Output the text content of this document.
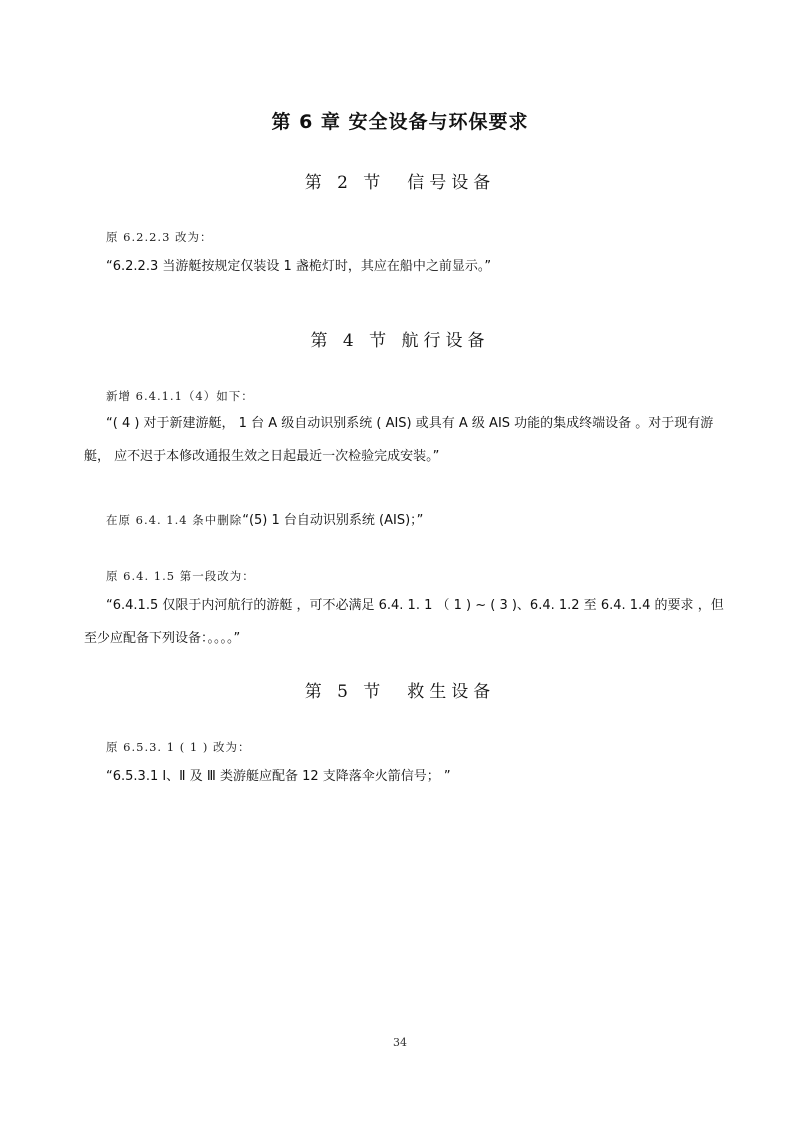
第 6 章 安全设备与环保要求
第 2 节　信号设备
原 6.2.2.3 改为：
“6.2.2.3 当游艇按规定仅装设 1 盏桅灯时，其应在船中之前显示。”
第 4 节 航行设备
新增 6.4.1.1（4）如下：
“( 4 ) 对于新建游艇， 1 台 A 级自动识别系统 ( AIS) 或具有 A 级 AIS 功能的集成终端设备 。对于现有游艇， 应不迟于本修改通报生效之日起最近一次检验完成安装。”
在原 6.4. 1.4 条中删除“(5) 1 台自动识别系统 (AIS)；”
原 6.4. 1.5 第一段改为：
“6.4.1.5 仅限于内河航行的游艇 ，可不必满足 6.4. 1. 1 （ 1 ) ~ ( 3 )、6.4. 1.2 至 6.4. 1.4 的要求 ，但至少应配备下列设备：。。。。”
第 5 节　救生设备
原 6.5.3. 1 ( 1 ) 改为：
“6.5.3.1 Ⅰ、Ⅱ 及 Ⅲ 类游艇应配备 12 支降落伞火箭信号； ”
34
